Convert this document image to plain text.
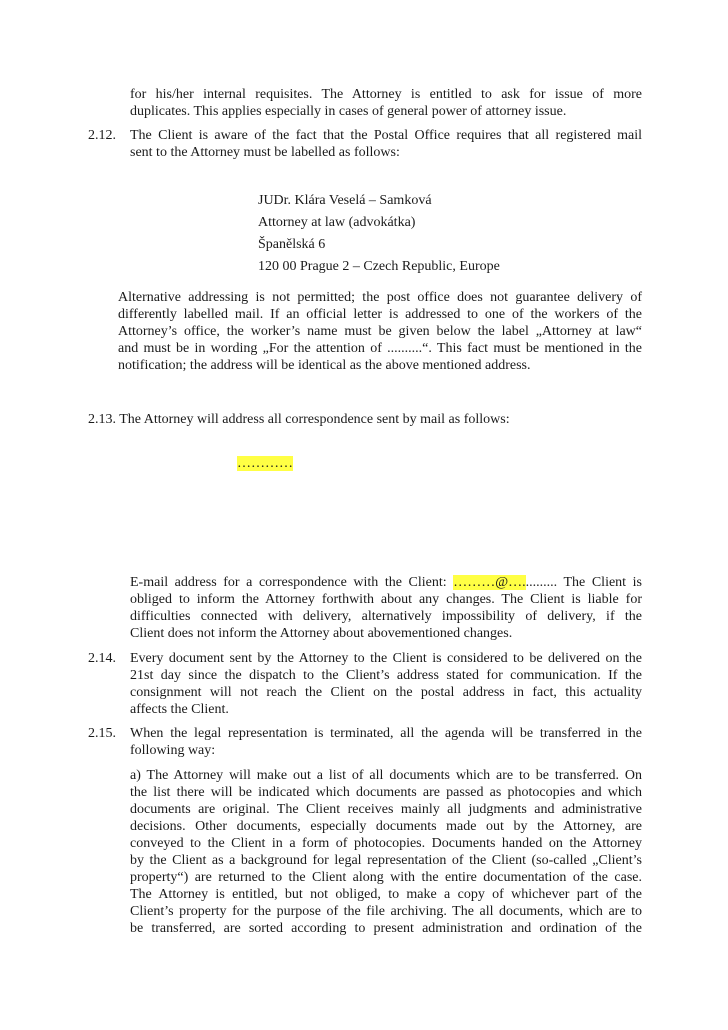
for his/her internal requisites. The Attorney is entitled to ask for issue of more
duplicates. This applies especially in cases of general power of attorney issue.
2.12. The Client is aware of the fact that the Postal Office requires that all registered mail
sent to the Attorney must be labelled as follows:
JUDr. Klára Veselá – Samková
Attorney at law (advokátka)
Španělská 6
120 00 Prague 2 – Czech Republic, Europe
Alternative addressing is not permitted; the post office does not guarantee delivery of
differently labelled mail. If an official letter is addressed to one of the workers of the
Attorney’s office, the worker’s name must be given below the label „Attorney at law“
and must be in wording „For the attention of ..........“. This fact must be mentioned in the
notification; the address will be identical as the above mentioned address.
2.13. The Attorney will address all correspondence sent by mail as follows:
…………
E-mail address for a correspondence with the Client: ………@….......... The Client is
obliged to inform the Attorney forthwith about any changes. The Client is liable for
difficulties connected with delivery, alternatively impossibility of delivery, if the
Client does not inform the Attorney about abovementioned changes.
2.14. Every document sent by the Attorney to the Client is considered to be delivered on the
21st day since the dispatch to the Client’s address stated for communication. If the
consignment will not reach the Client on the postal address in fact, this actuality
affects the Client.
2.15. When the legal representation is terminated, all the agenda will be transferred in the
following way:
a) The Attorney will make out a list of all documents which are to be transferred. On
the list there will be indicated which documents are passed as photocopies and which
documents are original. The Client receives mainly all judgments and administrative
decisions. Other documents, especially documents made out by the Attorney, are
conveyed to the Client in a form of photocopies. Documents handed on the Attorney
by the Client as a background for legal representation of the Client (so-called „Client’s
property“) are returned to the Client along with the entire documentation of the case.
The Attorney is entitled, but not obliged, to make a copy of whichever part of the
Client’s property for the purpose of the file archiving. The all documents, which are to
be transferred, are sorted according to present administration and ordination of the
